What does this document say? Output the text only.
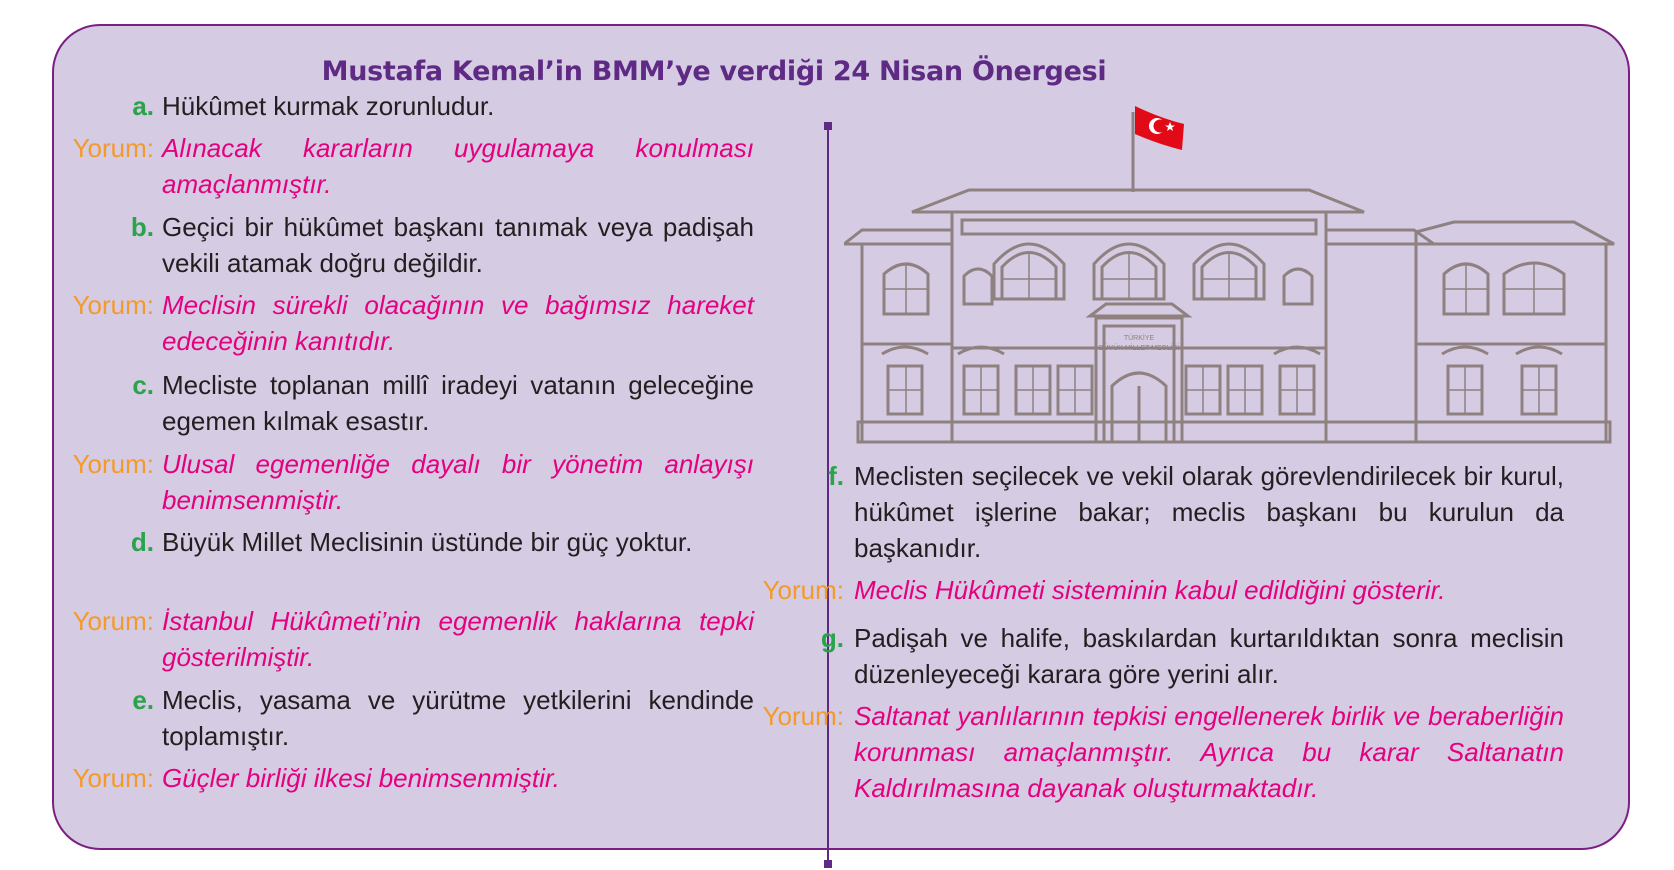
Mustafa Kemal’in BMM’ye verdiği 24 Nisan Önergesi
a. Hükûmet kurmak zorunludur.
Yorum: Alınacak kararların uygulamaya konulması amaçlanmıştır.
b. Geçici bir hükûmet başkanı tanımak veya padişah vekili atamak doğru değildir.
Yorum: Meclisin sürekli olacağının ve bağımsız hareket edeceğinin kanıtıdır.
c. Mecliste toplanan millî iradeyi vatanın geleceğine egemen kılmak esastır.
Yorum: Ulusal egemenliğe dayalı bir yönetim anlayışı benimsenmiştir.
d. Büyük Millet Meclisinin üstünde bir güç yoktur.
Yorum: İstanbul Hükûmeti’nin egemenlik haklarına tepki gösterilmiştir.
e. Meclis, yasama ve yürütme yetkilerini kendinde toplamıştır.
Yorum: Güçler birliği ilkesi benimsenmiştir.
TÜRKİYE
BÜYÜK MİLLET MECLİSİ
f. Meclisten seçilecek ve vekil olarak görevlendirilecek bir kurul, hükûmet işlerine bakar; meclis başkanı bu kurulun da başkanıdır.
Yorum: Meclis Hükûmeti sisteminin kabul edildiğini gösterir.
g. Padişah ve halife, baskılardan kurtarıldıktan sonra meclisin düzenleyeceği karara göre yerini alır.
Yorum: Saltanat yanlılarının tepkisi engellenerek birlik ve beraberliğin korunması amaçlanmıştır. Ayrıca bu karar Saltanatın Kaldırılmasına dayanak oluşturmaktadır.
